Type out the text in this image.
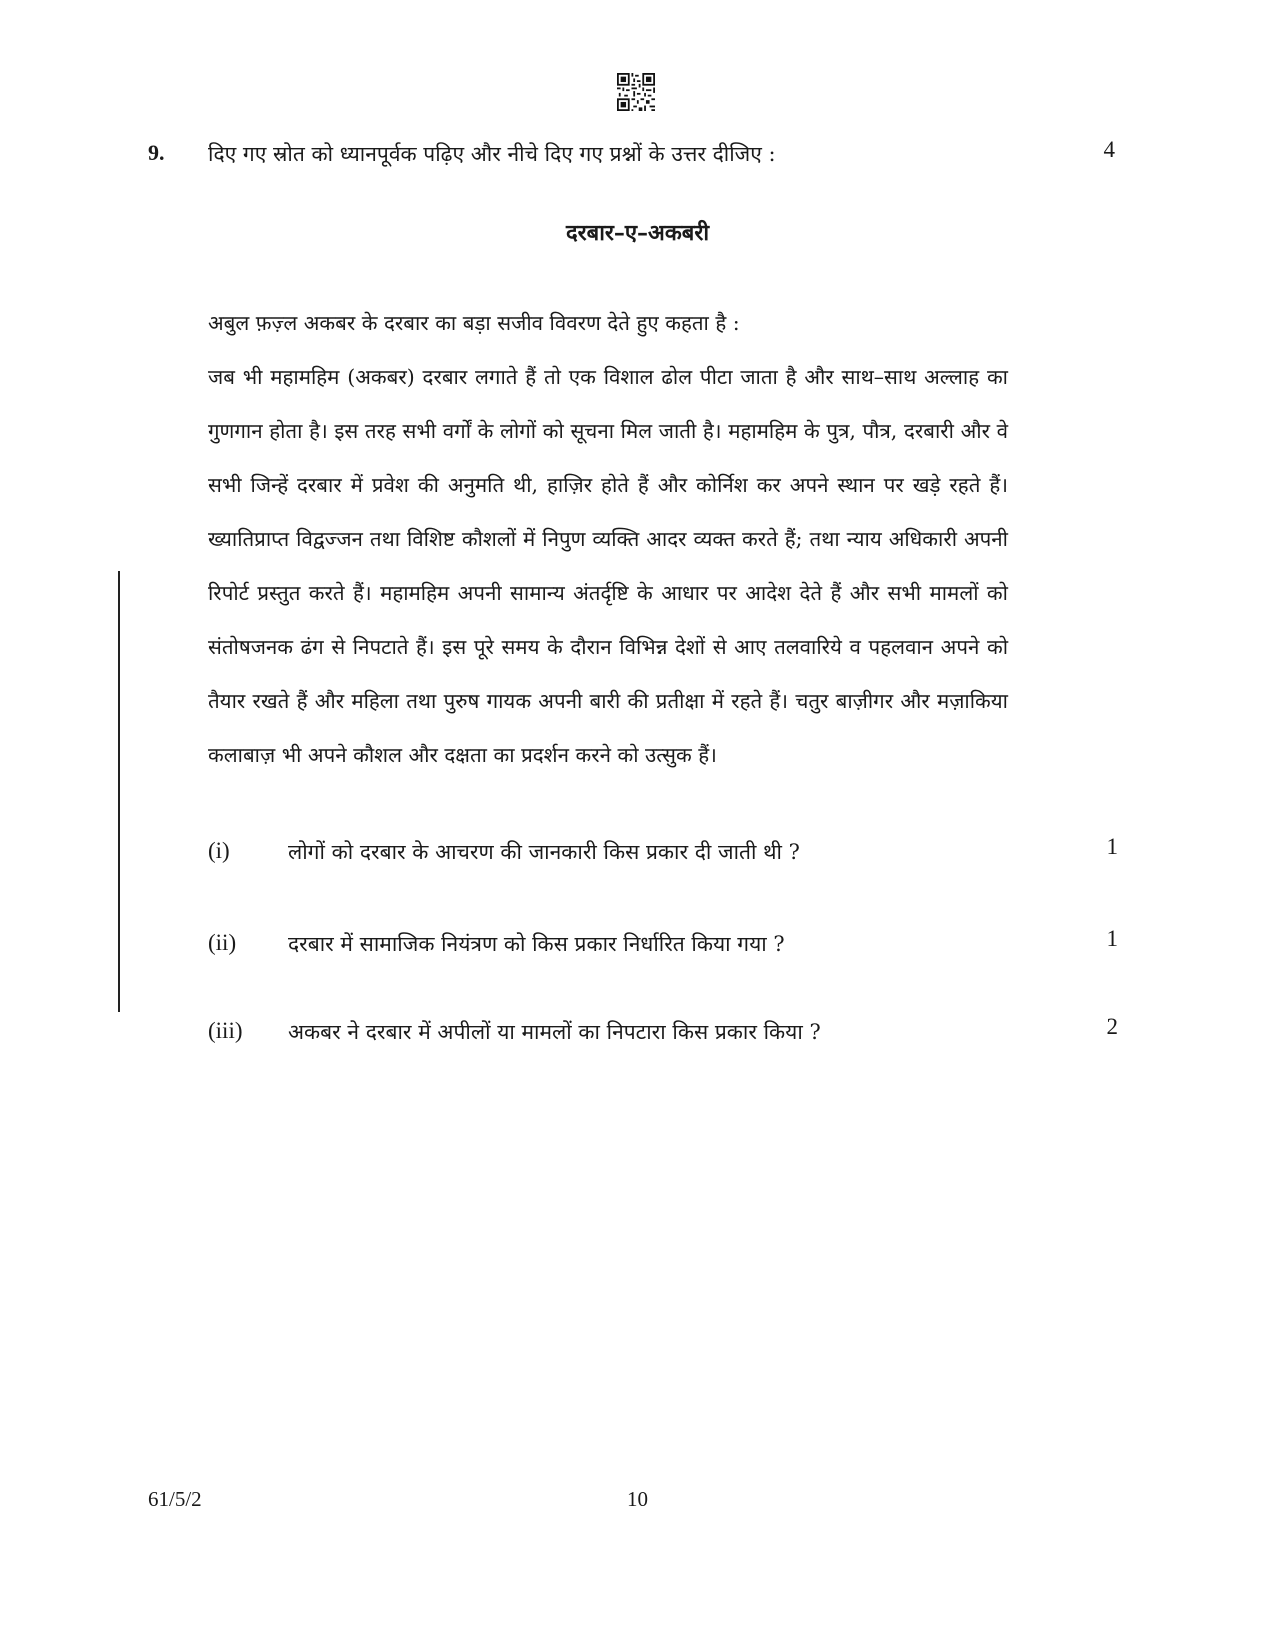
9. दिए गए स्रोत को ध्यानपूर्वक पढ़िए और नीचे दिए गए प्रश्नों के उत्तर दीजिए :	4
दरबार–ए–अकबरी

अबुल फ़ज़्ल अकबर के दरबार का बड़ा सजीव विवरण देते हुए कहता है :

जब भी महामहिम (अकबर) दरबार लगाते हैं तो एक विशाल ढोल पीटा जाता है और साथ–साथ अल्लाह का गुणगान होता है। इस तरह सभी वर्गों के लोगों को सूचना मिल जाती है। महामहिम के पुत्र, पौत्र, दरबारी और वे सभी जिन्हें दरबार में प्रवेश की अनुमति थी, हाज़िर होते हैं और कोर्निश कर अपने स्थान पर खड़े रहते हैं। ख्यातिप्राप्त विद्वज्जन तथा विशिष्ट कौशलों में निपुण व्यक्ति आदर व्यक्त करते हैं; तथा न्याय अधिकारी अपनी रिपोर्ट प्रस्तुत करते हैं। महामहिम अपनी सामान्य अंतर्दृष्टि के आधार पर आदेश देते हैं और सभी मामलों को संतोषजनक ढंग से निपटाते हैं। इस पूरे समय के दौरान विभिन्न देशों से आए तलवारिये व पहलवान अपने को तैयार रखते हैं और महिला तथा पुरुष गायक अपनी बारी की प्रतीक्षा में रहते हैं। चतुर बाज़ीगर और मज़ाकिया कलाबाज़ भी अपने कौशल और दक्षता का प्रदर्शन करने को उत्सुक हैं।

(i)	लोगों को दरबार के आचरण की जानकारी किस प्रकार दी जाती थी ?	1
(ii) दरबार में सामाजिक नियंत्रण को किस प्रकार निर्धारित किया गया ?	1
(iii) अकबर ने दरबार में अपीलों या मामलों का निपटारा किस प्रकार किया ?	2
61/5/2	10
